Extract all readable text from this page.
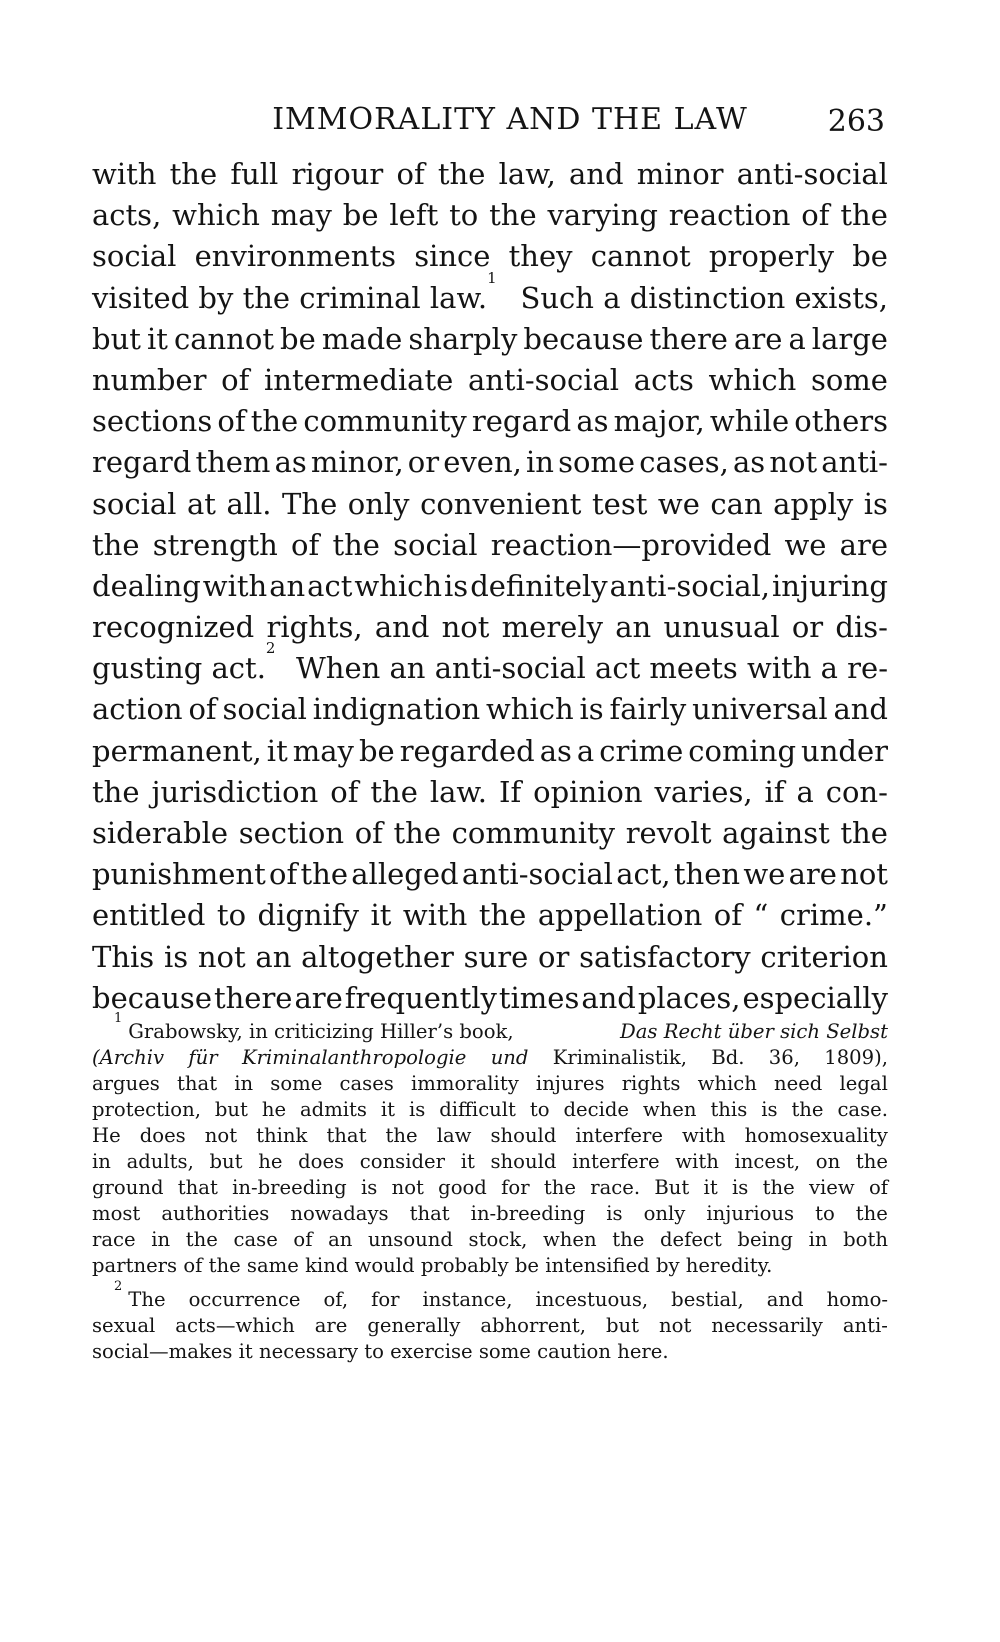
IMMORALITY AND THE LAW	263
with the full rigour of the law, and minor anti-social
acts, which may be left to the varying reaction of the
social environments since they cannot properly be
visited by the criminal law.
1
Such a distinction exists,
but it cannot be made sharply because there are a large
number of intermediate anti-social acts which some
sections of the community regard as major, while others
regard them as minor, or even, in some cases, as not anti-
social at all. The only convenient test we can apply is
the strength of the social reaction—provided we are
dealing with an act which is definitely anti-social, injuring
recognized rights, and not merely an unusual or dis-
gusting act.
2
When an anti-social act meets with a re-
action of social indignation which is fairly universal and
permanent, it may be regarded as a crime coming under
the jurisdiction of the law. If opinion varies, if a con-
siderable section of the community revolt against the
punishment of the alleged anti-social act, then we are not
entitled to dignify it with the appellation of “ crime.”
This is not an altogether sure or satisfactory criterion
because there are frequently times and places, especially
1
Grabowsky, in criticizing Hiller’s book,	Das Recht über sich Selbst
(Archiv für Kriminalanthropologie und Kriminalistik, Bd. 36, 1809),
argues that in some cases immorality injures rights which need legal
protection, but he admits it is difficult to decide when this is the case.
He does not think that the law should interfere with homosexuality
in adults, but he does consider it should interfere with incest, on the
ground that in-breeding is not good for the race. But it is the view of
most authorities nowadays that in-breeding is only injurious to the
race in the case of an unsound stock, when the defect being in both
partners of the same kind would probably be intensified by heredity.
2
The occurrence of, for instance, incestuous, bestial, and homo-
sexual acts—which are generally abhorrent, but not necessarily anti-
social—makes it necessary to exercise some caution here.
